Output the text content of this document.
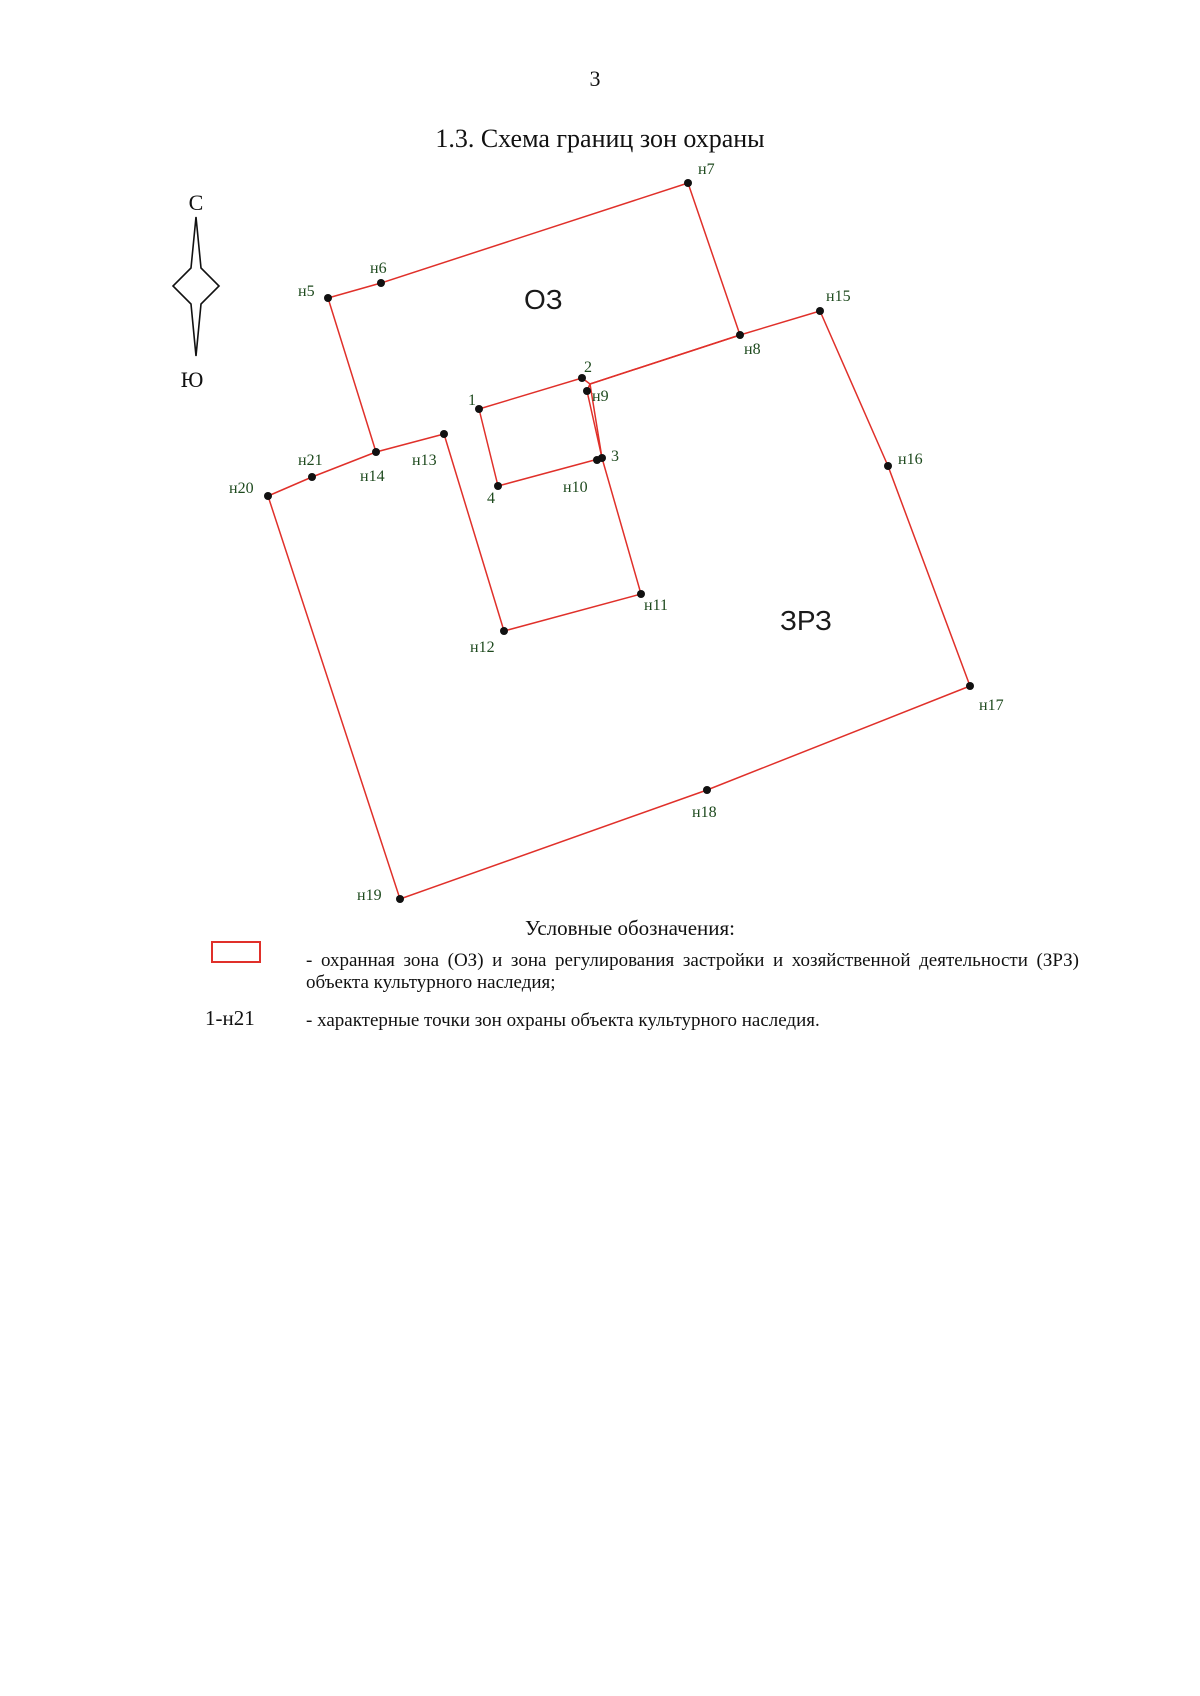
3
1.3. Схема границ зон охраны
С
Ю
1
2
3
4
н5
н6
н7
н8
н9
н10
н11
н12
н13
н14
н15
н16
н17
н18
н19
н20
н21
ОЗ
ЗРЗ
Условные обозначения:
- охранная зона (ОЗ) и зона регулирования застройки и хозяйственной деятельности (ЗРЗ) объекта культурного наследия;
1-н21	- характерные точки зон охраны объекта культурного наследия.
